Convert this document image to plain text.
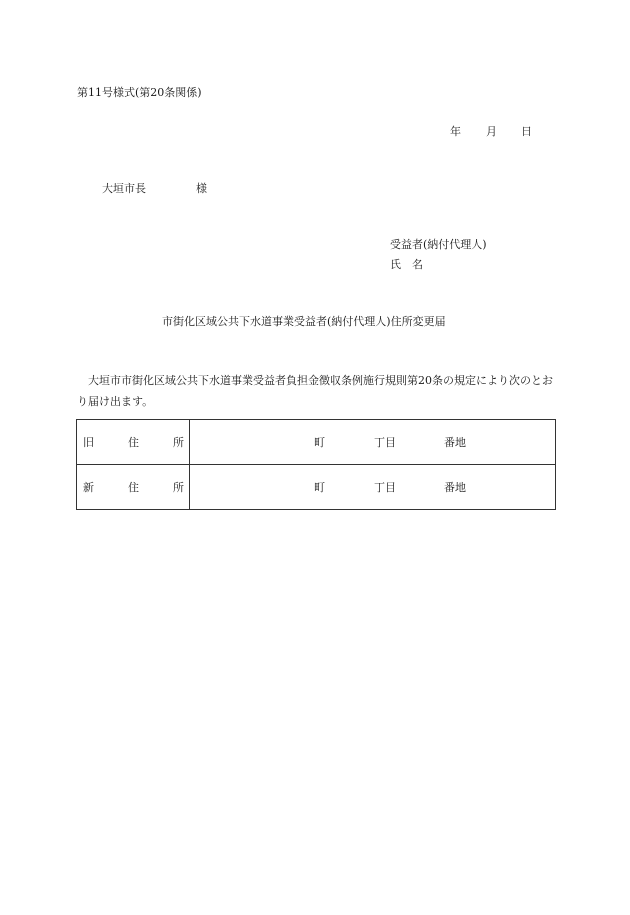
第11号様式(第20条関係)
年 月 日
大垣市長	様
受益者(納付代理人)
氏　名
市街化区域公共下水道事業受益者(納付代理人)住所変更届
大垣市市街化区域公共下水道事業受益者負担金徴収条例施行規則第20条の規定により次のとおり届け出ます。
旧 住 所	町 丁目 番地

新 住 所	町 丁目 番地
